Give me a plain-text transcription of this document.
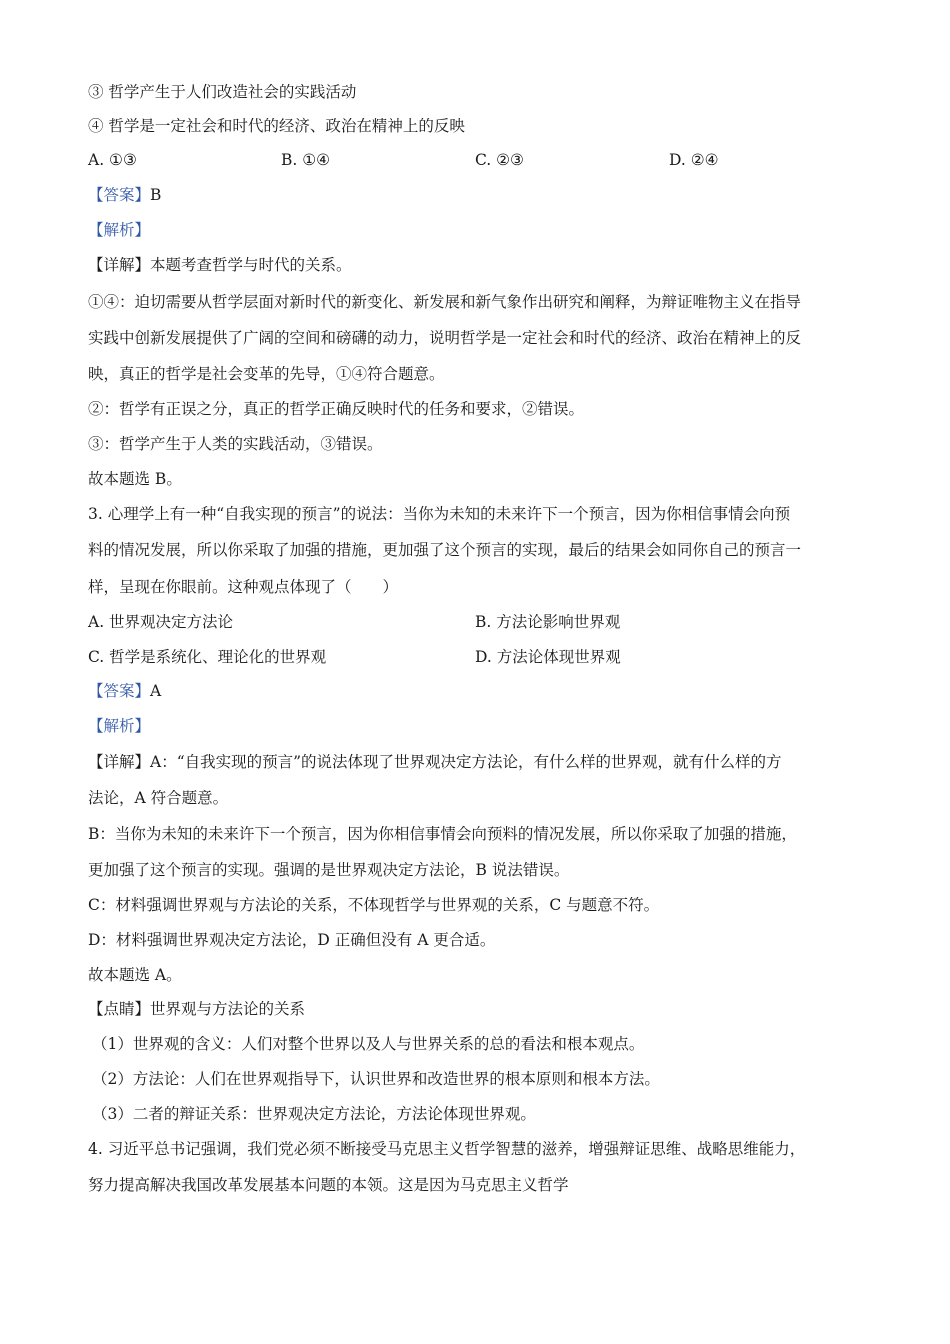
③ 哲学产生于人们改造社会的实践活动
④ 哲学是一定社会和时代的经济、政治在精神上的反映
A. ①③	B. ①④	C. ②③	D. ②④
【答案】B
【解析】
【详解】本题考查哲学与时代的关系。
①④：迫切需要从哲学层面对新时代的新变化、新发展和新气象作出研究和阐释，为辩证唯物主义在指导
实践中创新发展提供了广阔的空间和磅礴的动力，说明哲学是一定社会和时代的经济、政治在精神上的反
映，真正的哲学是社会变革的先导，①④符合题意。
②：哲学有正误之分，真正的哲学正确反映时代的任务和要求，②错误。
③：哲学产生于人类的实践活动，③错误。
故本题选 B。
3. 心理学上有一种“自我实现的预言”的说法：当你为未知的未来许下一个预言，因为你相信事情会向预
料的情况发展，所以你采取了加强的措施，更加强了这个预言的实现，最后的结果会如同你自己的预言一
样，呈现在你眼前。这种观点体现了（　　）
A. 世界观决定方法论	B. 方法论影响世界观
C. 哲学是系统化、理论化的世界观	D. 方法论体现世界观
【答案】A
【解析】
【详解】A：“自我实现的预言”的说法体现了世界观决定方法论，有什么样的世界观，就有什么样的方
法论，A 符合题意。
B：当你为未知的未来许下一个预言，因为你相信事情会向预料的情况发展，所以你采取了加强的措施，
更加强了这个预言的实现。强调的是世界观决定方法论，B 说法错误。
C：材料强调世界观与方法论的关系，不体现哲学与世界观的关系，C 与题意不符。
D：材料强调世界观决定方法论，D 正确但没有 A 更合适。
故本题选 A。
【点睛】世界观与方法论的关系
（1）世界观的含义：人们对整个世界以及人与世界关系的总的看法和根本观点。
（2）方法论：人们在世界观指导下，认识世界和改造世界的根本原则和根本方法。
（3）二者的辩证关系：世界观决定方法论，方法论体现世界观。
4. 习近平总书记强调，我们党必须不断接受马克思主义哲学智慧的滋养，增强辩证思维、战略思维能力，
努力提高解决我国改革发展基本问题的本领。这是因为马克思主义哲学
